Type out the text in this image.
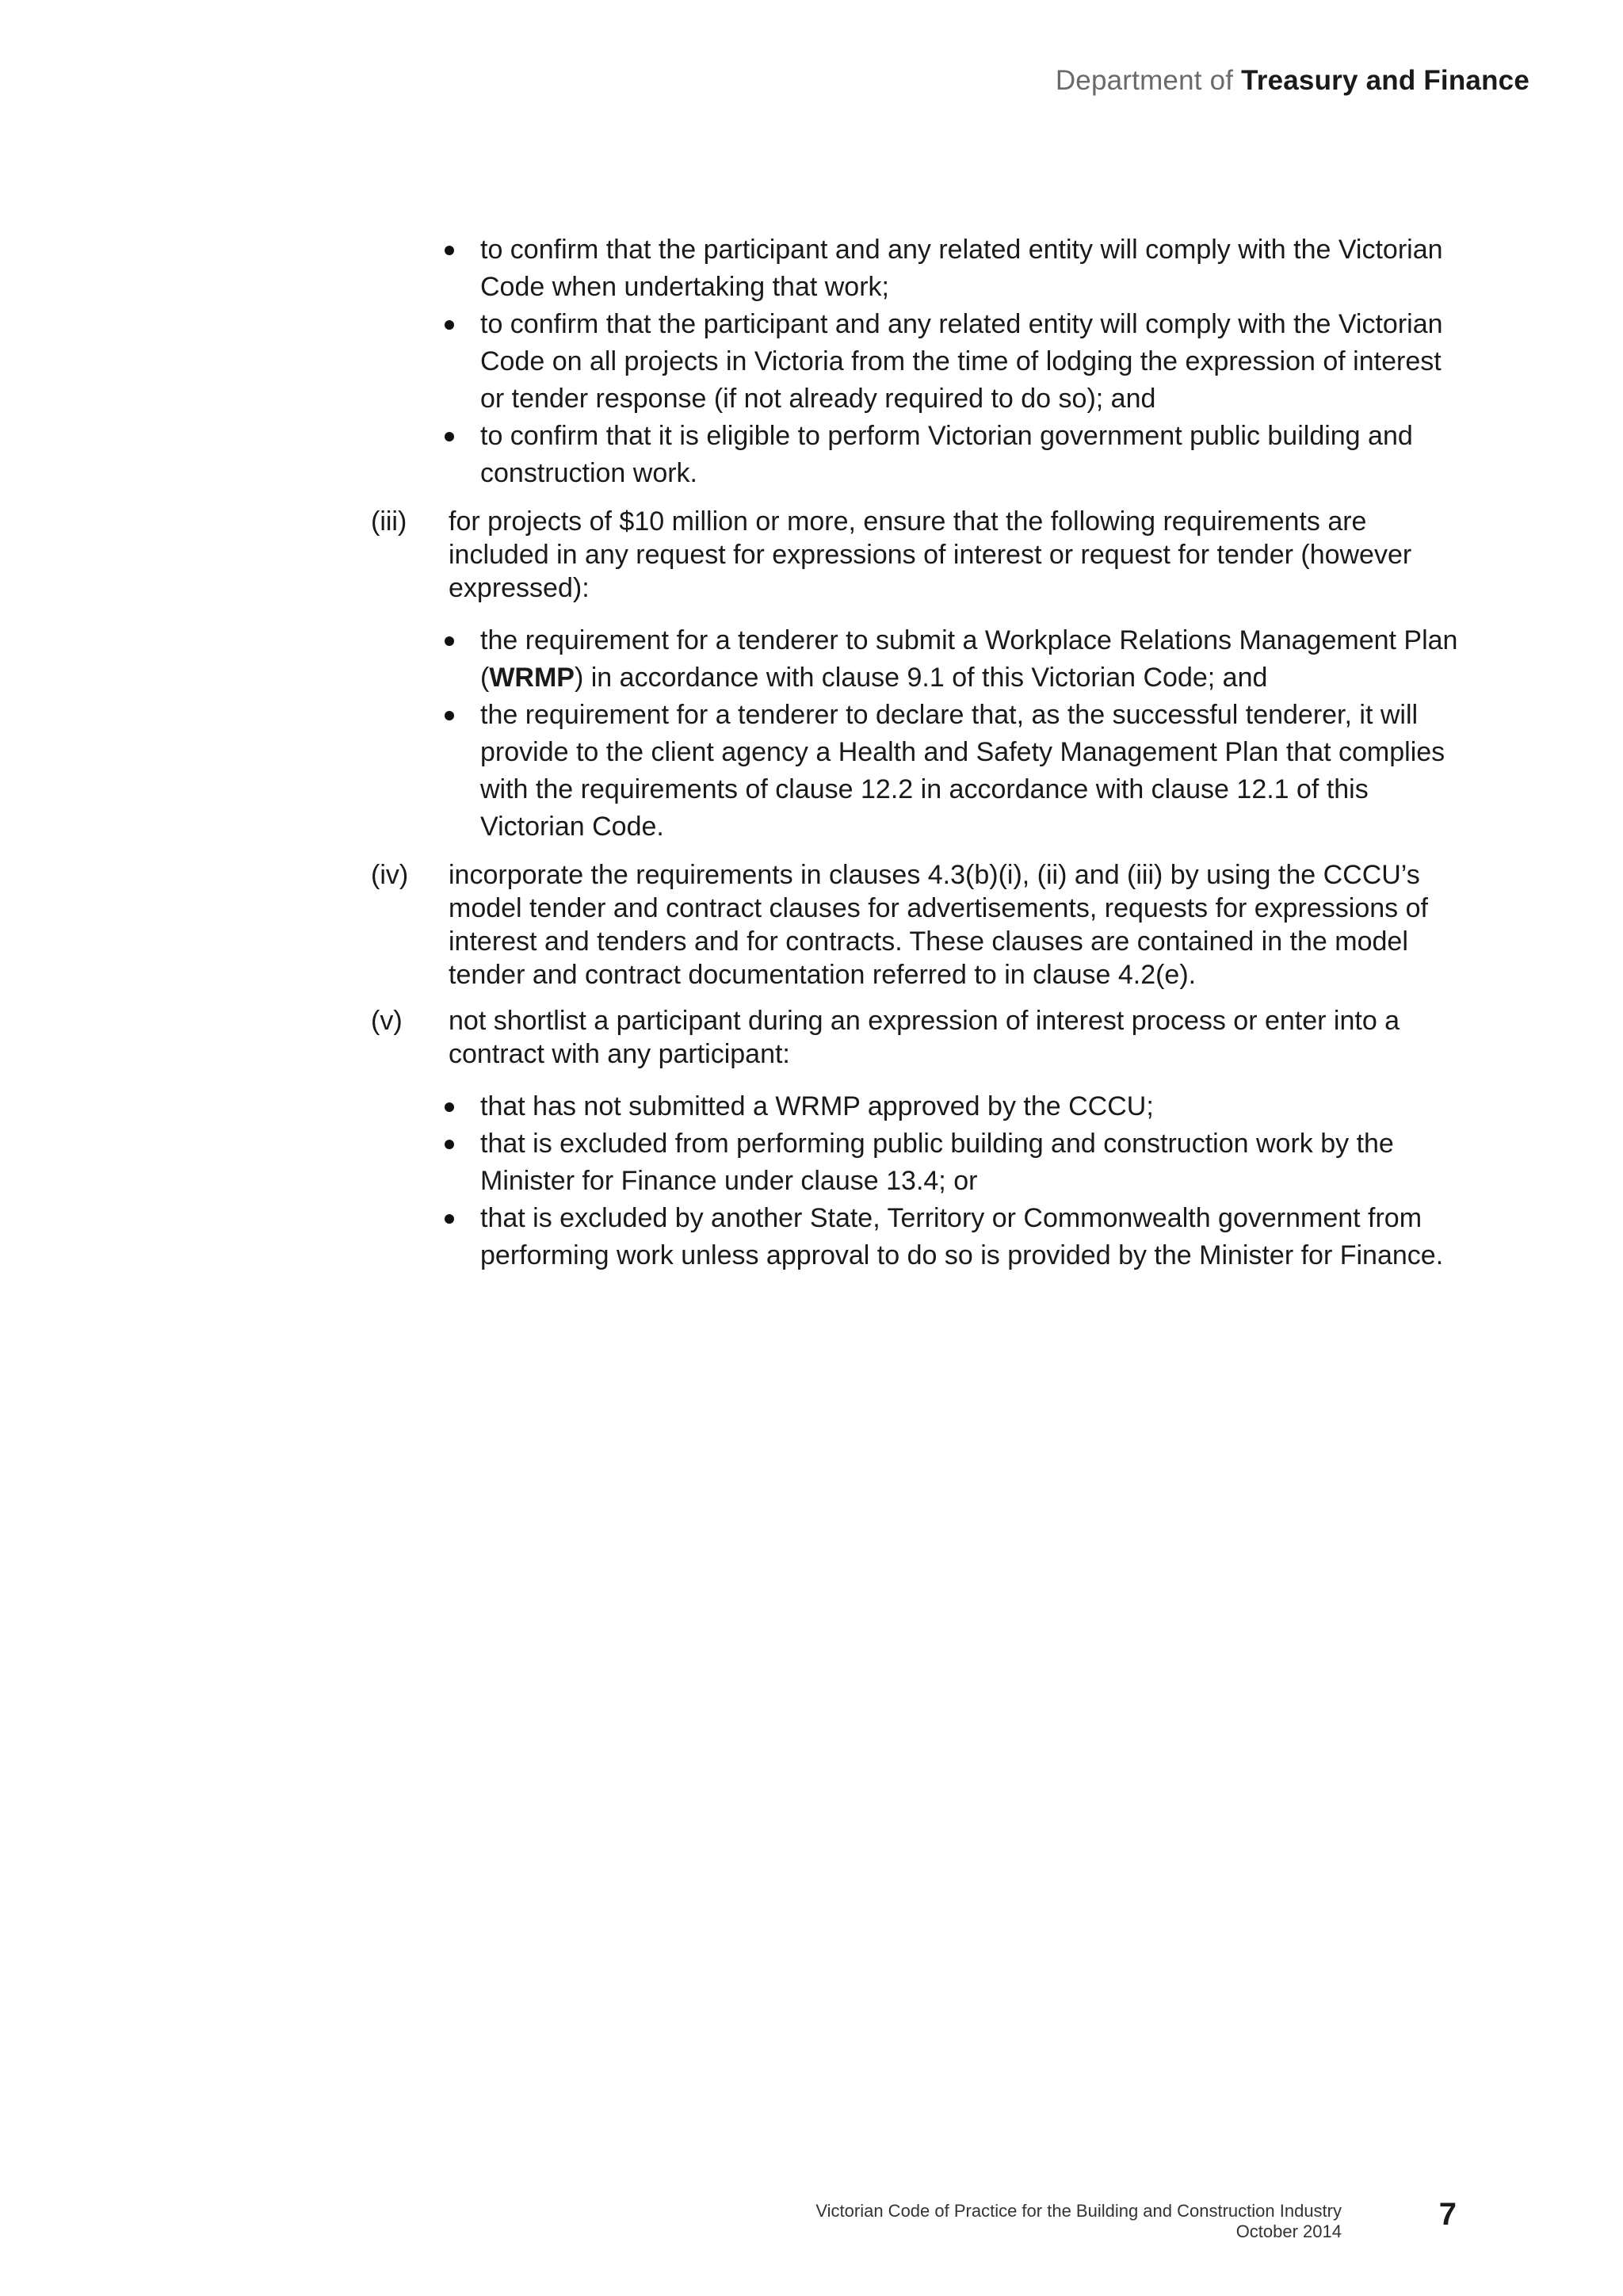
Department of Treasury and Finance
to confirm that the participant and any related entity will comply with the Victorian Code when undertaking that work;
to confirm that the participant and any related entity will comply with the Victorian Code on all projects in Victoria from the time of lodging the expression of interest or tender response (if not already required to do so); and
to confirm that it is eligible to perform Victorian government public building and construction work.
(iii) for projects of $10 million or more, ensure that the following requirements are included in any request for expressions of interest or request for tender (however expressed):
the requirement for a tenderer to submit a Workplace Relations Management Plan (WRMP) in accordance with clause 9.1 of this Victorian Code; and
the requirement for a tenderer to declare that, as the successful tenderer, it will provide to the client agency a Health and Safety Management Plan that complies with the requirements of clause 12.2 in accordance with clause 12.1 of this Victorian Code.
(iv) incorporate the requirements in clauses 4.3(b)(i), (ii) and (iii) by using the CCCU’s model tender and contract clauses for advertisements, requests for expressions of interest and tenders and for contracts. These clauses are contained in the model tender and contract documentation referred to in clause 4.2(e).
(v) not shortlist a participant during an expression of interest process or enter into a contract with any participant:
that has not submitted a WRMP approved by the CCCU;
that is excluded from performing public building and construction work by the Minister for Finance under clause 13.4; or
that is excluded by another State, Territory or Commonwealth government from performing work unless approval to do so is provided by the Minister for Finance.
Victorian Code of Practice for the Building and Construction Industry
October 2014	7
